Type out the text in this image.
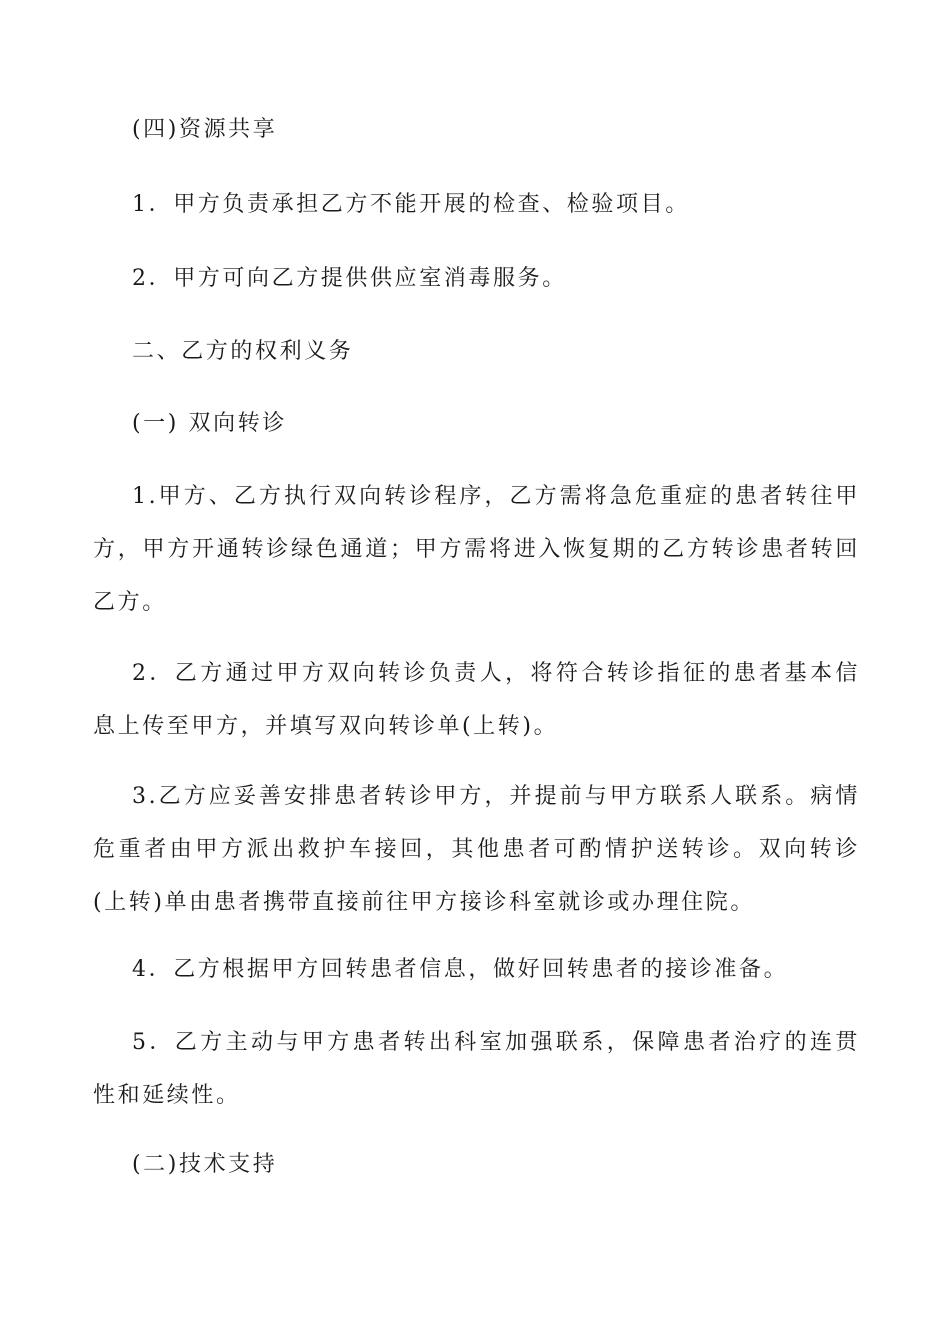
(四)资源共享

1．甲方负责承担乙方不能开展的检查、检验项目。

2．甲方可向乙方提供供应室消毒服务。

二、乙方的权利义务

(一) 双向转诊

1.甲方、乙方执行双向转诊程序，乙方需将急危重症的患者转往甲方，甲方开通转诊绿色通道；甲方需将进入恢复期的乙方转诊患者转回乙方。

2．乙方通过甲方双向转诊负责人，将符合转诊指征的患者基本信息上传至甲方，并填写双向转诊单(上转)。

3.乙方应妥善安排患者转诊甲方，并提前与甲方联系人联系。病情危重者由甲方派出救护车接回，其他患者可酌情护送转诊。双向转诊(上转)单由患者携带直接前往甲方接诊科室就诊或办理住院。

4．乙方根据甲方回转患者信息，做好回转患者的接诊准备。

5．乙方主动与甲方患者转出科室加强联系，保障患者治疗的连贯性和延续性。

(二)技术支持
